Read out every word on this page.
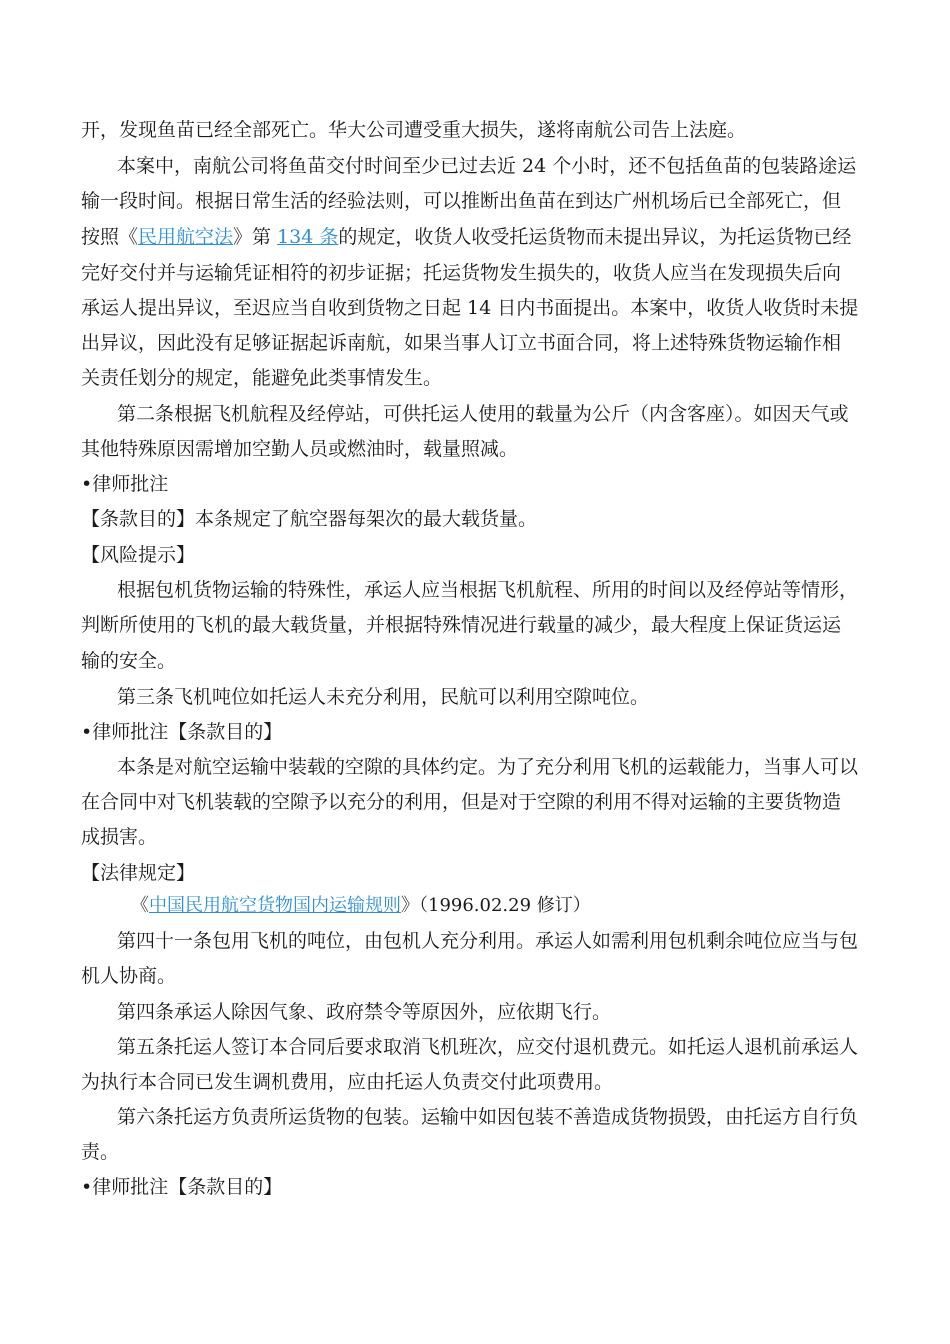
开，发现鱼苗已经全部死亡。华大公司遭受重大损失，遂将南航公司告上法庭。
本案中，南航公司将鱼苗交付时间至少已过去近 24 个小时，还不包括鱼苗的包装路途运
输一段时间。根据日常生活的经验法则，可以推断出鱼苗在到达广州机场后已全部死亡，但
按照《民用航空法》第 134 条的规定，收货人收受托运货物而未提出异议，为托运货物已经
完好交付并与运输凭证相符的初步证据；托运货物发生损失的，收货人应当在发现损失后向
承运人提出异议，至迟应当自收到货物之日起 14 日内书面提出。本案中，收货人收货时未提
出异议，因此没有足够证据起诉南航，如果当事人订立书面合同，将上述特殊货物运输作相
关责任划分的规定，能避免此类事情发生。
第二条根据飞机航程及经停站，可供托运人使用的载量为公斤（内含客座）。如因天气或
其他特殊原因需增加空勤人员或燃油时，载量照减。
•律师批注
【条款目的】本条规定了航空器每架次的最大载货量。
【风险提示】
根据包机货物运输的特殊性，承运人应当根据飞机航程、所用的时间以及经停站等情形，
判断所使用的飞机的最大载货量，并根据特殊情况进行载量的减少，最大程度上保证货运运
输的安全。
第三条飞机吨位如托运人未充分利用，民航可以利用空隙吨位。
•律师批注【条款目的】
本条是对航空运输中装载的空隙的具体约定。为了充分利用飞机的运载能力，当事人可以
在合同中对飞机装载的空隙予以充分的利用，但是对于空隙的利用不得对运输的主要货物造
成损害。
【法律规定】
《中国民用航空货物国内运输规则》（1996.02.29 修订）
第四十一条包用飞机的吨位，由包机人充分利用。承运人如需利用包机剩余吨位应当与包
机人协商。
第四条承运人除因气象、政府禁令等原因外，应依期飞行。
第五条托运人签订本合同后要求取消飞机班次，应交付退机费元。如托运人退机前承运人
为执行本合同已发生调机费用，应由托运人负责交付此项费用。
第六条托运方负责所运货物的包装。运输中如因包装不善造成货物损毁，由托运方自行负
责。
•律师批注【条款目的】
